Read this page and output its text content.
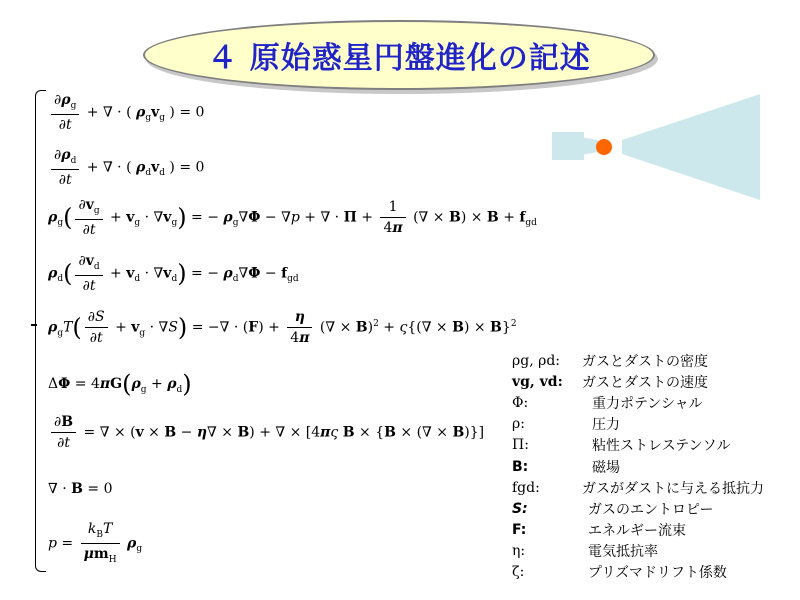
４ 原始惑星円盤進化の記述
$\frac{\partial\rho_g}{\partial t}$ + ∇ · ( $\rho_gv_g$ ) = 0
$\frac{\partial\rho_d}{\partial t}$ + ∇ · ( $\rho_dv_d$ ) = 0
$\rho_g( \frac{\partial v_g}{\partial t} + v_g \cdot \nabla v_g)$ = − $\rho_g\nabla\Phi - \nabla p$ + ∇ · $\Pi + \frac{1}{4\pi}$ (∇ × $B) \times B + f_{gd}$
$\rho_d( \frac{\partial v_d}{\partial t} + v_d \cdot \nabla v_d)$ = − $\rho_d\nabla\Phi - f_{gd}$
$\rho_gT( \frac{\partial S}{\partial t} + v_g \cdot \nabla S)$ = −∇ · $(F) + \frac{\eta}{4\pi}$ (∇ × B)$^2$ + ς{(∇ × B) × B}$^2$
$\Delta\Phi = 4\pi G(\rho_g + \rho_d)$
$\frac{\partial B}{\partial t}$ = ∇ × (v × B − η∇ × B) + ∇ × [4πς B × {B × (∇ × B)}]
∇ · B = 0
$p = \frac{k_BT}{\mu m_H} \rho_g$
ρg, ρd:	ガスとダストの密度
vg, vd:	ガスとダストの速度
Φ:	重力ポテンシャル
ρ:	圧力
Π:	粘性ストレステンソル
B:	磁場
fgd:	ガスがダストに与える抵抗力
S:	ガスのエントロピー
F:	エネルギー流束
η:	電気抵抗率
ζ:	プリズマドリフト係数
